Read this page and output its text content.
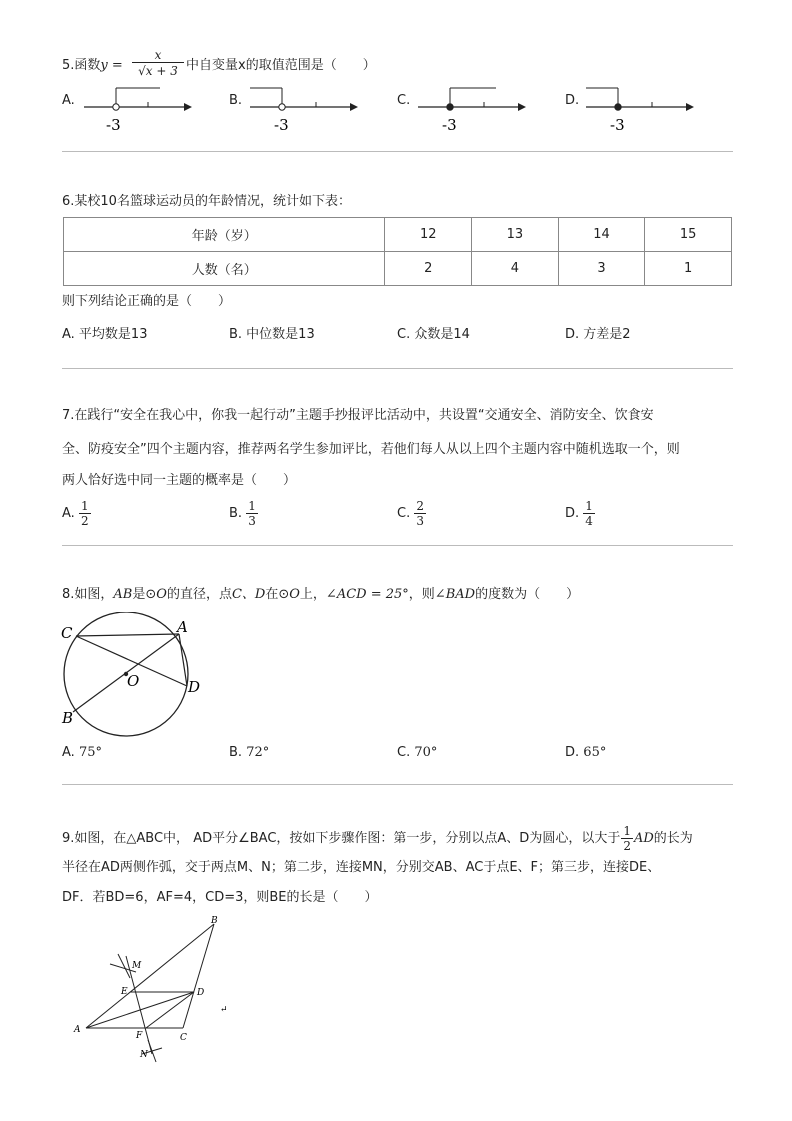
5.函数$y = \frac{x}{√x + 3}$ 中自变量x的取值范围是（　　）
A.
-3
B.
-3
C.
-3
D.
-3
6.某校10名篮球运动员的年龄情况，统计如下表：
年龄（岁）	12	13	14	15
人数（名）	2	4	3	1
则下列结论正确的是（　　）
A. 平均数是13	B. 中位数是13	C. 众数是14	D. 方差是2
7.在践行“安全在我心中，你我一起行动”主题手抄报评比活动中，共设置“交通安全、消防安全、饮食安
全、防疫安全”四个主题内容，推荐两名学生参加评比，若他们每人从以上四个主题内容中随机选取一个，则
两人恰好选中同一主题的概率是（　　）
A. $\frac{1}{2}$	B. $\frac{1}{3}$	C. $\frac{2}{3}$	D. $\frac{1}{4}$
8.如图，AB是⊙O的直径，点C、D在⊙O上，∠ACD = 25°，则∠BAD的度数为（　　）
C	A
O	D
B
A. 75°	B. 72°	C. 70°	D. 65°
9.如图，在△ABC中， AD平分∠BAC，按如下步骤作图：第一步，分别以点A、D为圆心，以大于 $\frac{1}{2}$ AD的长为
半径在AD两侧作弧，交于两点M、N；第二步，连接MN，分别交AB、AC于点E、F；第三步，连接DE、
DF．若BD=6，AF=4，CD=3，则BE的长是（　　）
M
B
E	D
↵
A
F	C
N
